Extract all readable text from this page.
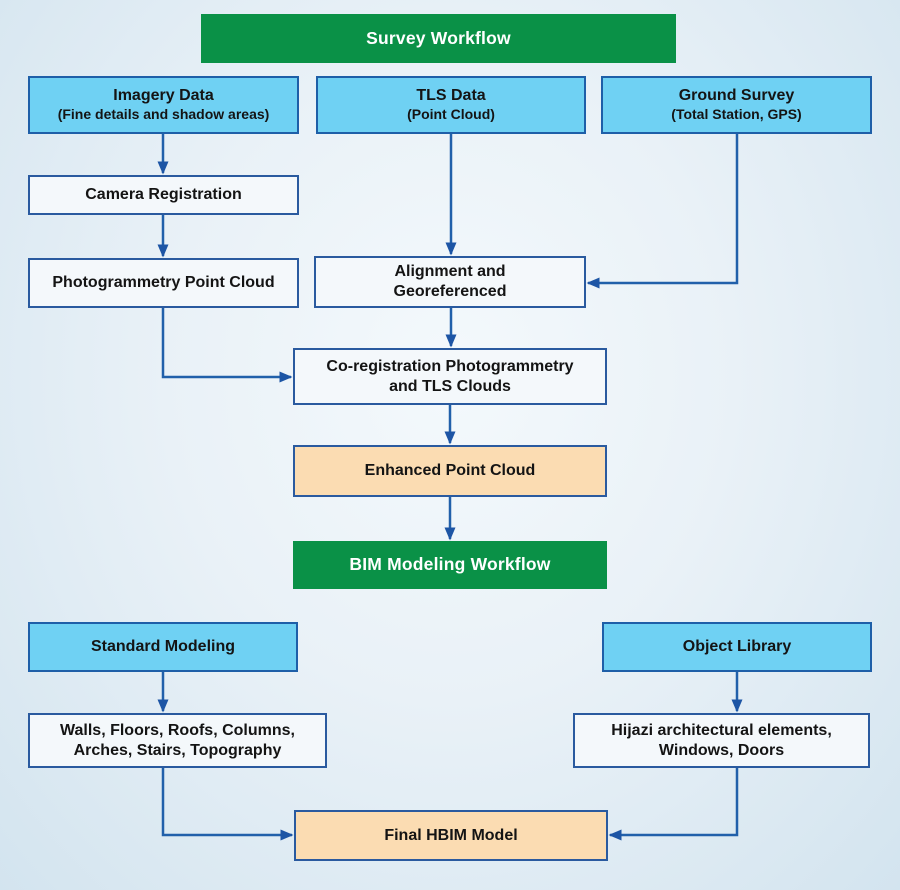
Survey Workflow
Imagery Data
(Fine details and shadow areas)
TLS Data
(Point Cloud)
Ground Survey
(Total Station, GPS)
Camera Registration
Photogrammetry Point Cloud
Alignment and
Georeferenced
Co-registration Photogrammetry
and TLS Clouds
Enhanced Point Cloud
BIM Modeling Workflow
Standard Modeling	Object Library
Walls, Floors, Roofs, Columns,
Arches, Stairs, Topography
Hijazi architectural elements,
Windows, Doors
Final HBIM Model
